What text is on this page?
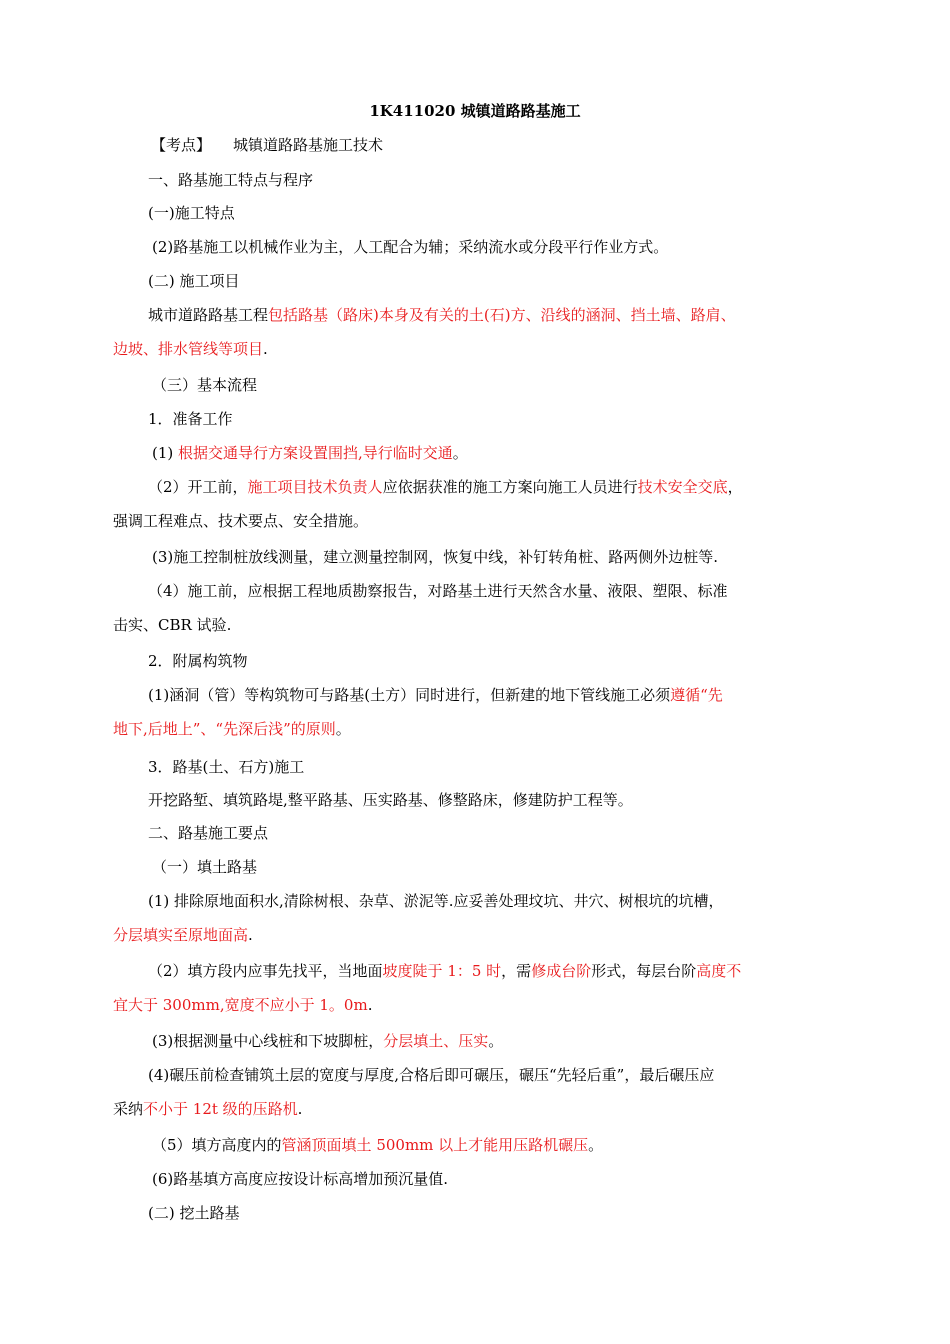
1K411020 城镇道路路基施工
【考点】 城镇道路路基施工技术
一、路基施工特点与程序
(一)施工特点
(2)路基施工以机械作业为主，人工配合为辅；采纳流水或分段平行作业方式。
(二) 施工项目
城市道路路基工程包括路基（路床)本身及有关的土(石)方、沿线的涵洞、挡土墙、路肩、
边坡、排水管线等项目.
（三）基本流程
1．准备工作
(1) 根据交通导行方案设置围挡,导行临时交通。
（2）开工前，施工项目技术负责人应依据获准的施工方案向施工人员进行技术安全交底，
强调工程难点、技术要点、安全措施。
(3)施工控制桩放线测量，建立测量控制网，恢复中线，补钉转角桩、路两侧外边桩等.
（4）施工前，应根据工程地质勘察报告，对路基土进行天然含水量、液限、塑限、标准
击实、CBR 试验.
2．附属构筑物
(1)涵洞（管）等构筑物可与路基(土方）同时进行，但新建的地下管线施工必须遵循“先
地下,后地上”、“先深后浅”的原则。
3．路基(土、石方)施工
开挖路堑、填筑路堤,整平路基、压实路基、修整路床，修建防护工程等。
二、路基施工要点
（一）填土路基
(1) 排除原地面积水,清除树根、杂草、淤泥等.应妥善处理坟坑、井穴、树根坑的坑槽，
分层填实至原地面高.
（2）填方段内应事先找平，当地面坡度陡于 1：5 时，需修成台阶形式，每层台阶高度不
宜大于 300mm,宽度不应小于 1。0m.
(3)根据测量中心线桩和下坡脚桩，分层填土、压实。
(4)碾压前检查铺筑土层的宽度与厚度,合格后即可碾压，碾压“先轻后重”，最后碾压应
采纳不小于 12t 级的压路机.
（5）填方高度内的管涵顶面填土 500mm 以上才能用压路机碾压。
(6)路基填方高度应按设计标高增加预沉量值.
(二) 挖土路基
